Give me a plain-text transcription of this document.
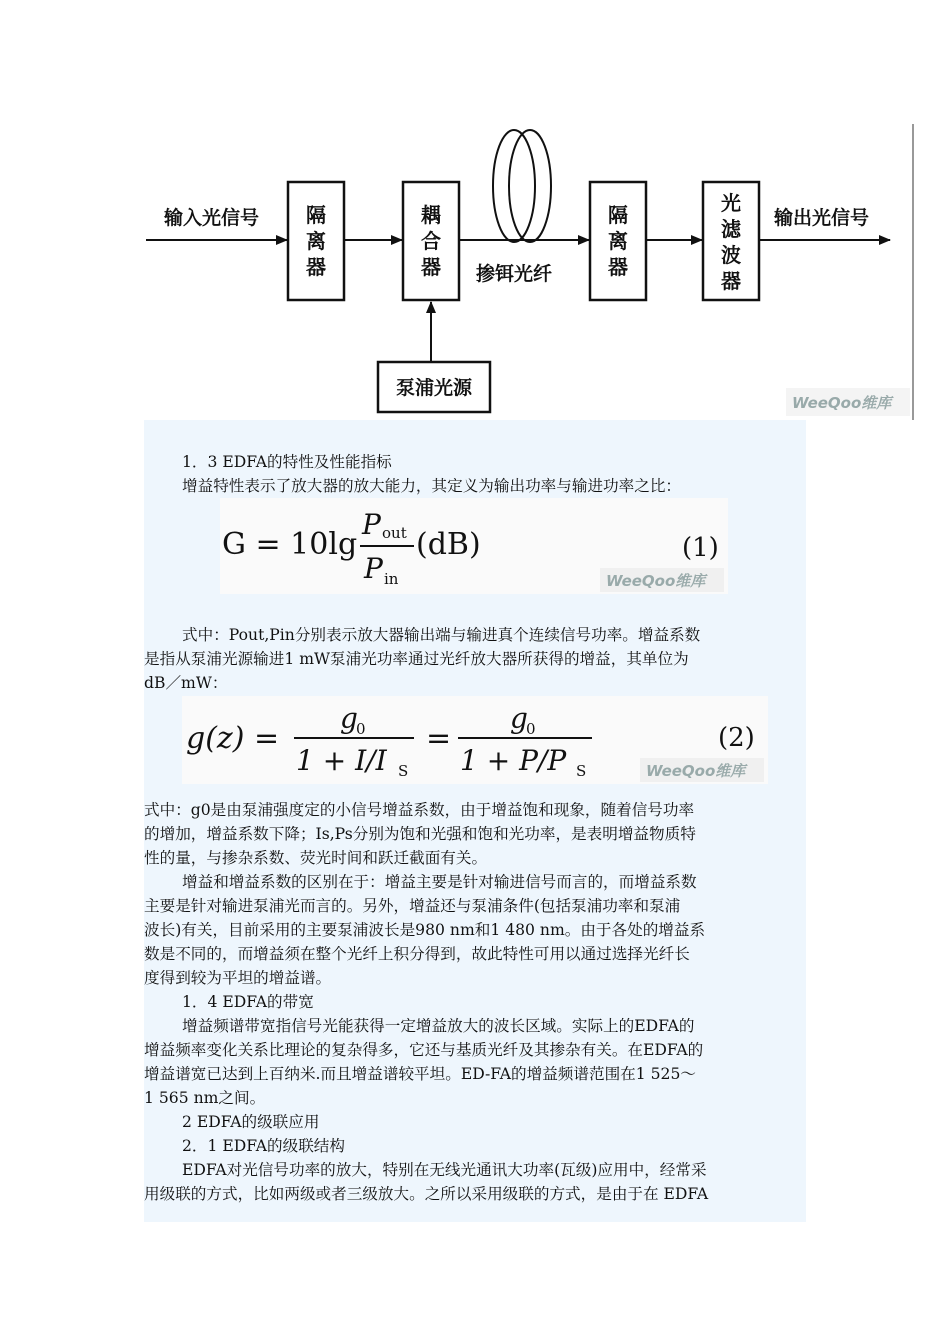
输入光信号 隔
离
器
耦
合
器 掺铒光纤
隔
离
器
光
滤
波
器
输出光信号
泵浦光源
WeeQoo维库
1．3 EDFA的特性及性能指标
增益特性表示了放大器的放大能力，其定义为输出功率与输进功率之比：
G = 10lg
P out
P in
(dB)	(1)
WeeQoo维库
式中：Pout,Pin分别表示放大器输出端与输进真个连续信号功率。增益系数
是指从泵浦光源输进1 mW泵浦光功率通过光纤放大器所获得的增益，其单位为
dB／mW：
g(z) =
g
0
1 + I/I S
=
g
0
1 + P/P S
(2)
WeeQoo维库
式中：g0是由泵浦强度定的小信号增益系数，由于增益饱和现象，随着信号功率
的增加，增益系数下降；Is,Ps分别为饱和光强和饱和光功率，是表明增益物质特
性的量，与掺杂系数、荧光时间和跃迁截面有关。
增益和增益系数的区别在于：增益主要是针对输进信号而言的，而增益系数
主要是针对输进泵浦光而言的。另外，增益还与泵浦条件(包括泵浦功率和泵浦
波长)有关，目前采用的主要泵浦波长是980 nm和1 480 nm。由于各处的增益系
数是不同的，而增益须在整个光纤上积分得到，故此特性可用以通过选择光纤长
度得到较为平坦的增益谱。
1．4 EDFA的带宽
增益频谱带宽指信号光能获得一定增益放大的波长区域。实际上的EDFA的
增益频率变化关系比理论的复杂得多，它还与基质光纤及其掺杂有关。在EDFA的
增益谱宽已达到上百纳米.而且增益谱较平坦。ED-FA的增益频谱范围在1 525～
1 565 nm之间。
2 EDFA的级联应用
2．1 EDFA的级联结构
EDFA对光信号功率的放大，特别在无线光通讯大功率(瓦级)应用中，经常采
用级联的方式，比如两级或者三级放大。之所以采用级联的方式，是由于在 EDFA
